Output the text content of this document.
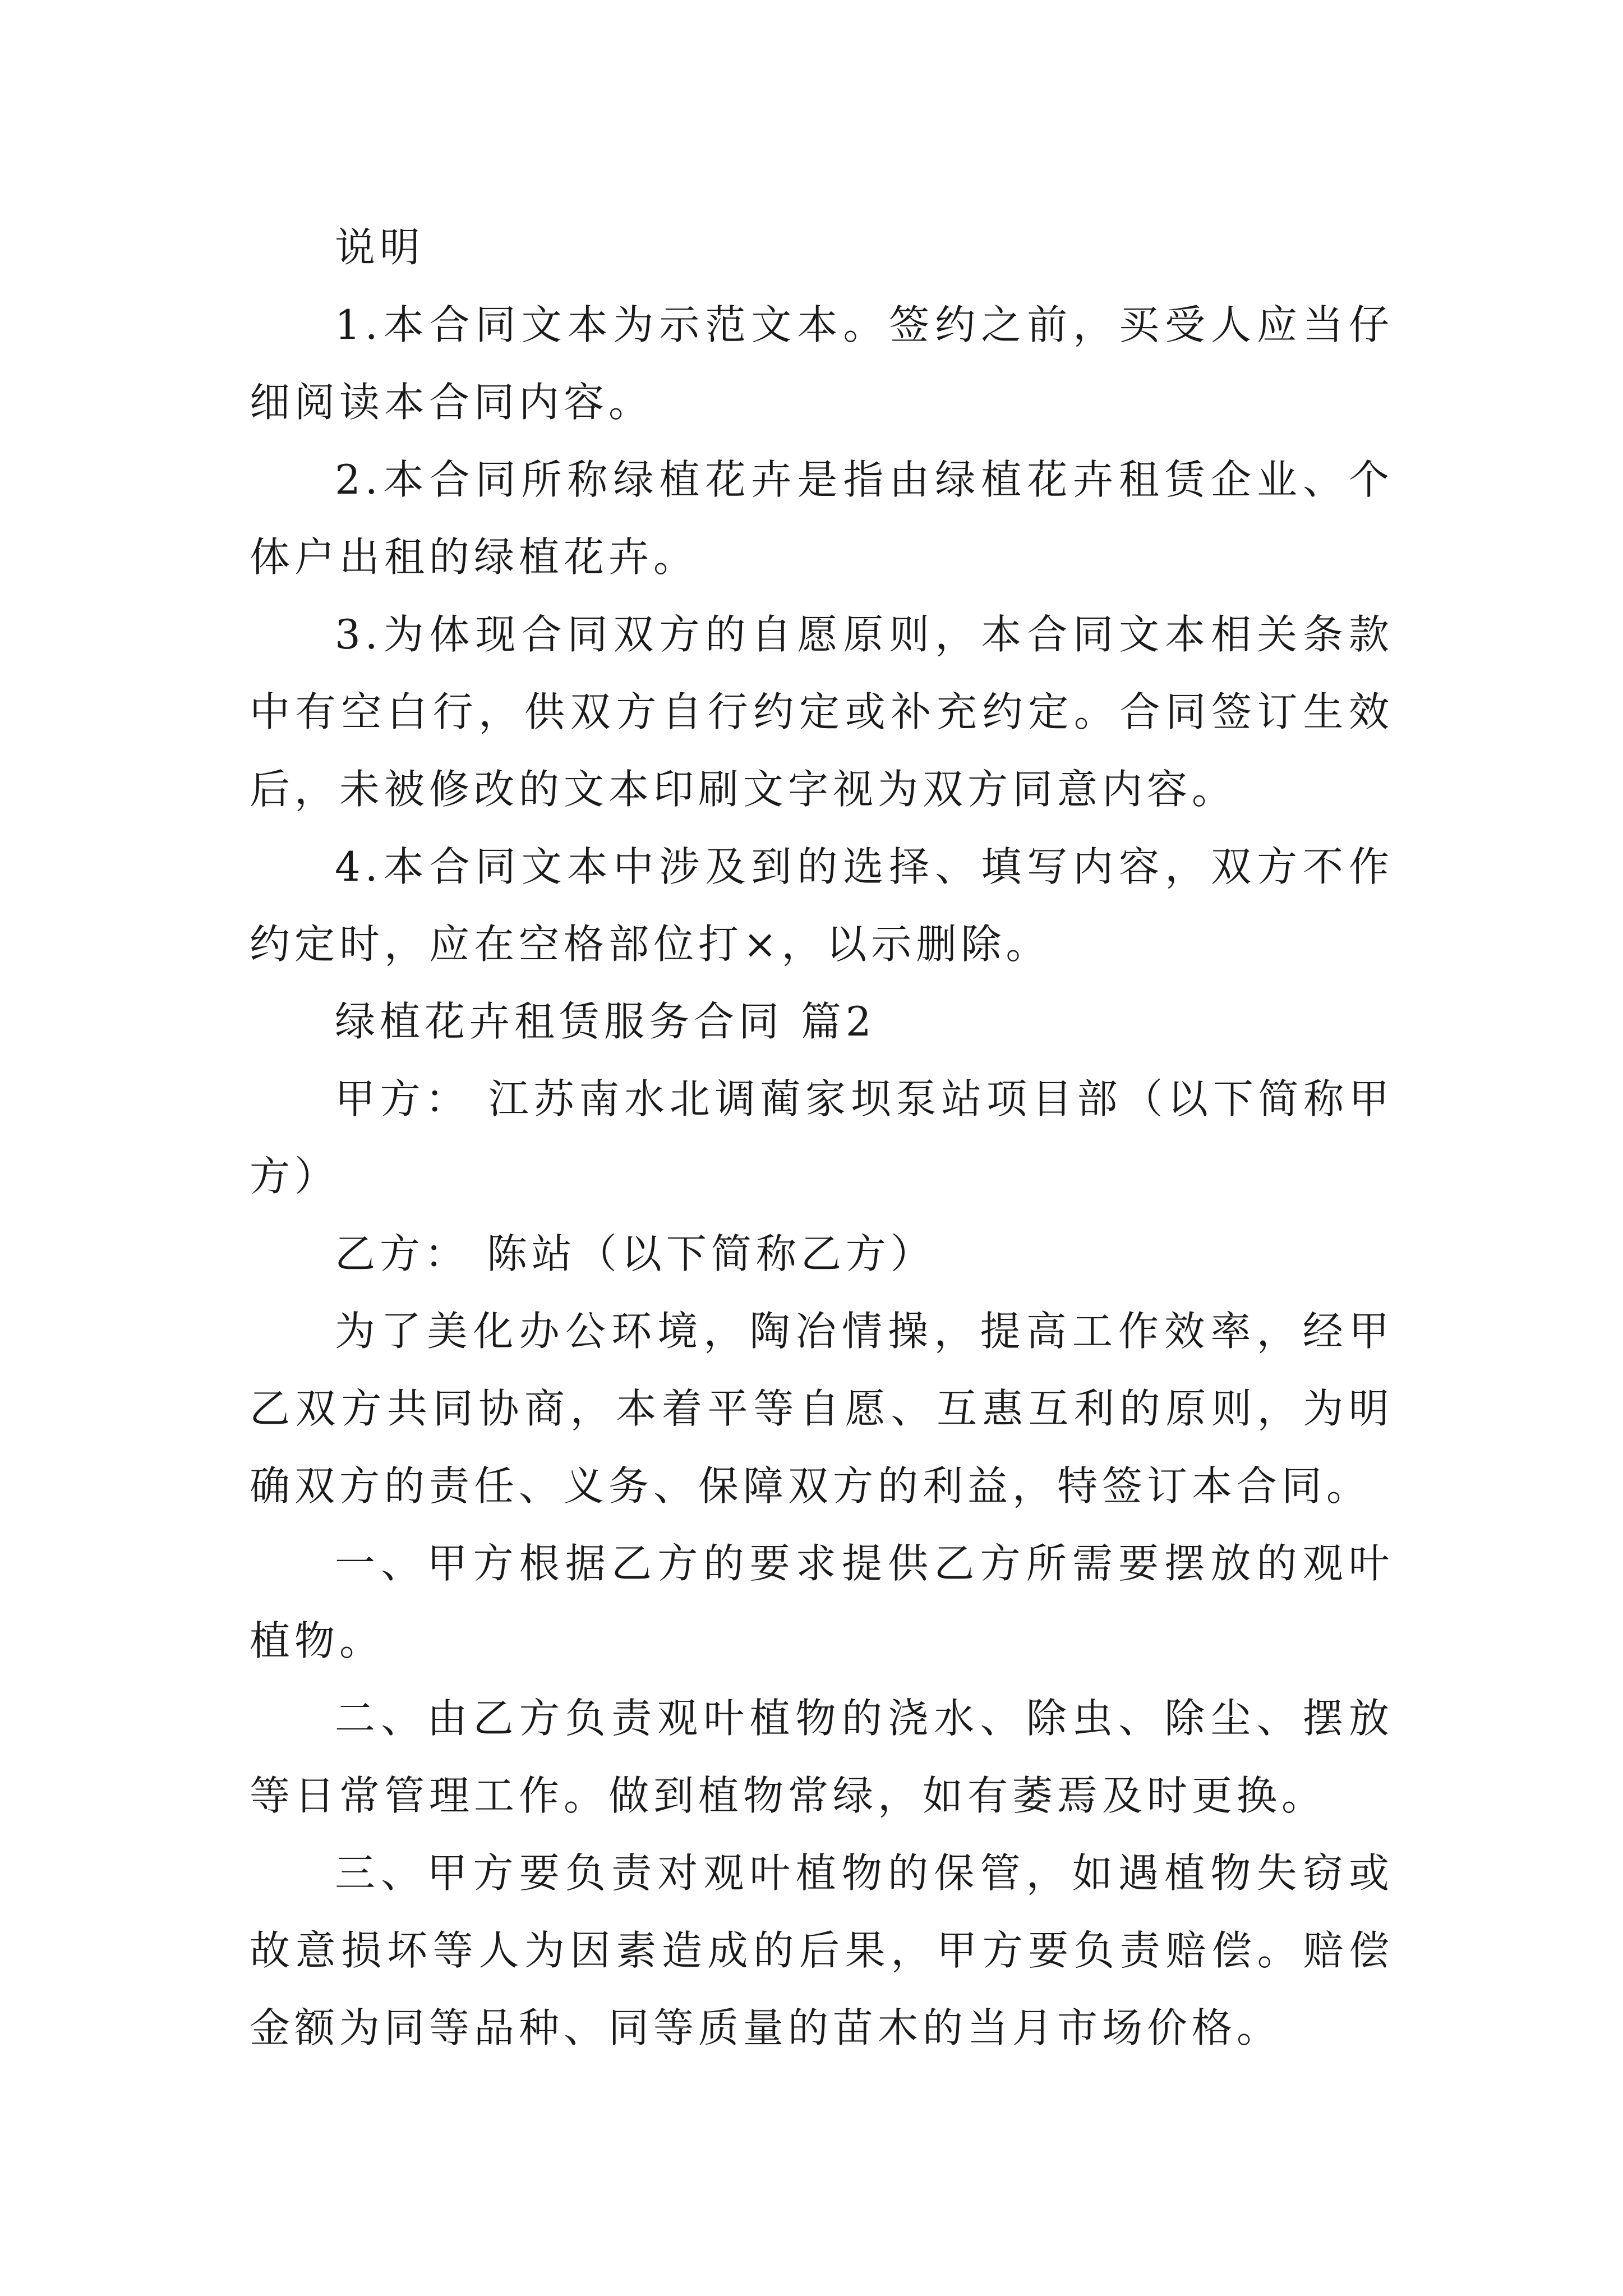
说明

1.本合同文本为示范文本。签约之前，买受人应当仔细阅读本合同内容。

2.本合同所称绿植花卉是指由绿植花卉租赁企业、个体户出租的绿植花卉。

3.为体现合同双方的自愿原则，本合同文本相关条款中有空白行，供双方自行约定或补充约定。合同签订生效后，未被修改的文本印刷文字视为双方同意内容。

4.本合同文本中涉及到的选择、填写内容，双方不作约定时，应在空格部位打×，以示删除。

绿植花卉租赁服务合同 篇2

甲方： 江苏南水北调蔺家坝泵站项目部（以下简称甲方）

乙方： 陈站（以下简称乙方）

为了美化办公环境，陶冶情操，提高工作效率，经甲乙双方共同协商，本着平等自愿、互惠互利的原则，为明确双方的责任、义务、保障双方的利益，特签订本合同。

一、甲方根据乙方的要求提供乙方所需要摆放的观叶植物。

二、由乙方负责观叶植物的浇水、除虫、除尘、摆放等日常管理工作。做到植物常绿，如有萎焉及时更换。

三、甲方要负责对观叶植物的保管，如遇植物失窃或故意损坏等人为因素造成的后果，甲方要负责赔偿。赔偿金额为同等品种、同等质量的苗木的当月市场价格。
